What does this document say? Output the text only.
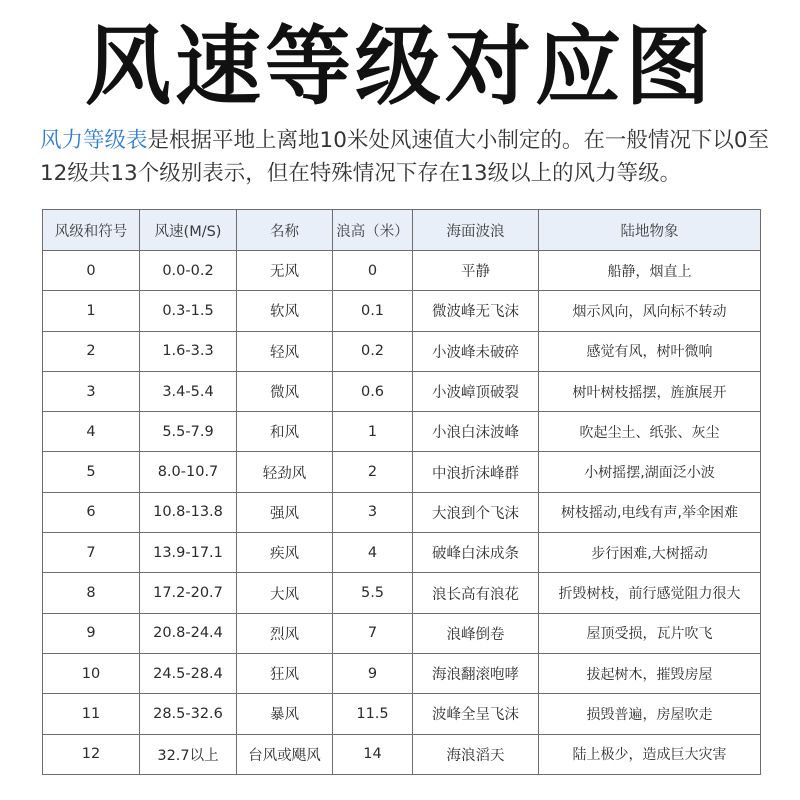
风速等级对应图
风力等级表是根据平地上离地10米处风速值大小制定的。在一般情况下以0至12级共13个级别表示，但在特殊情况下存在13级以上的风力等级。
风级和符号	风速(M/S)	名称	浪高（米）	海面波浪	陆地物象
0	0.0-0.2	无风	0	平静	船静，烟直上
1	0.3-1.5	软风	0.1	微波峰无飞沫	烟示风向，风向标不转动
2	1.6-3.3	轻风	0.2	小波峰未破碎	感觉有风，树叶微响
3	3.4-5.4	微风	0.6	小波嶂顶破裂	树叶树枝摇摆，旌旗展开
4	5.5-7.9	和风	1	小浪白沫波峰	吹起尘土、纸张、灰尘
5	8.0-10.7	轻劲风	2	中浪折沫峰群	小树摇摆,湖面泛小波
6	10.8-13.8	强风	3	大浪到个飞沫	树枝摇动,电线有声,举伞困难
7	13.9-17.1	疾风	4	破峰白沫成条	步行困难,大树摇动
8	17.2-20.7	大风	5.5	浪长高有浪花	折毁树枝，前行感觉阻力很大
9	20.8-24.4	烈风	7	浪峰倒卷	屋顶受损，瓦片吹飞
10	24.5-28.4	狂风	9	海浪翻滚咆哮	拔起树木，摧毁房屋
11	28.5-32.6	暴风	11.5	波峰全呈飞沫	损毁普遍，房屋吹走
12	32.7以上	台风或飓风	14	海浪滔天	陆上极少，造成巨大灾害
